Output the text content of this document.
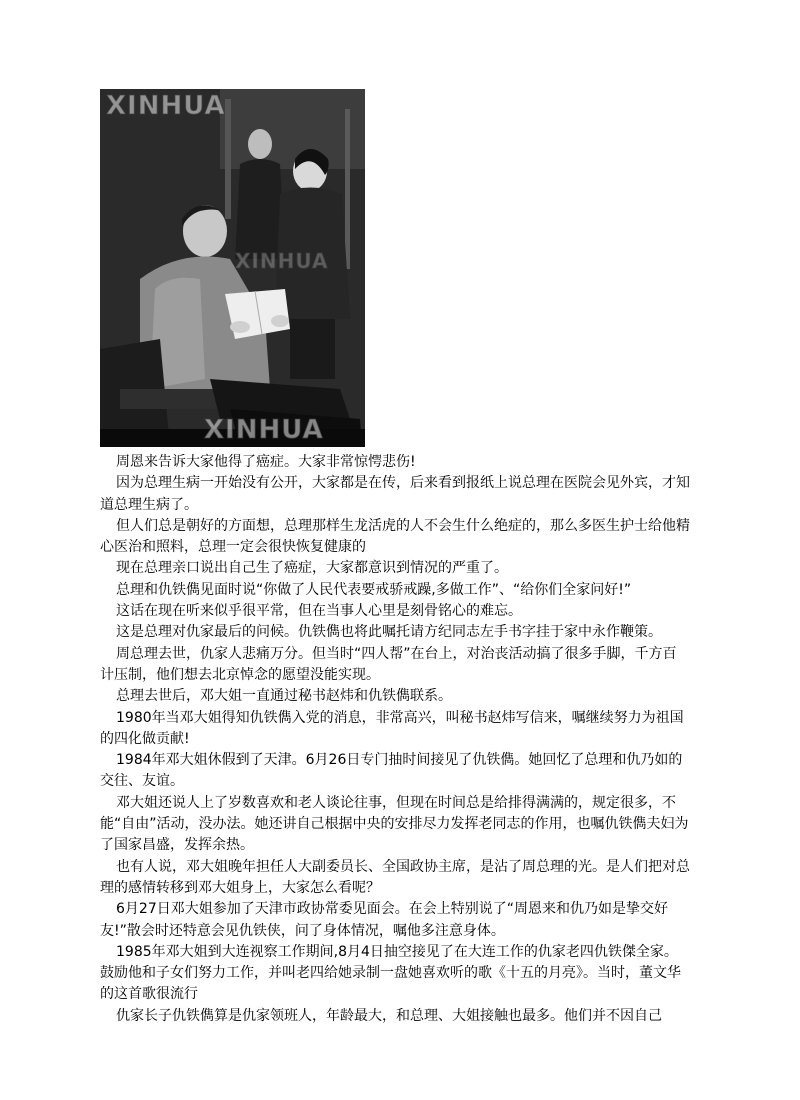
XINHUA
XINHUA
XINHUA

周恩来告诉大家他得了癌症。大家非常惊愕悲伤!

因为总理生病一开始没有公开，大家都是在传，后来看到报纸上说总理在医院会见外宾，才知道总理生病了。

但人们总是朝好的方面想，总理那样生龙活虎的人不会生什么绝症的，那么多医生护士给他精心医治和照料，总理一定会很快恢复健康的

现在总理亲口说出自己生了癌症，大家都意识到情况的严重了。

总理和仇铁儁见面时说“你做了人民代表要戒骄戒躁,多做工作”、“给你们全家问好!”

这话在现在听来似乎很平常，但在当事人心里是刻骨铭心的难忘。

这是总理对仇家最后的问候。仇铁儁也将此嘱托请方纪同志左手书字挂于家中永作鞭策。

周总理去世，仇家人悲痛万分。但当时“四人帮”在台上，对治丧活动搞了很多手脚，千方百计压制，他们想去北京悼念的愿望没能实现。

总理去世后，邓大姐一直通过秘书赵炜和仇铁儁联系。

1980年当邓大姐得知仇铁儁入党的消息，非常高兴，叫秘书赵炜写信来，嘱继续努力为祖国的四化做贡献!

1984年邓大姐休假到了天津。6月26日专门抽时间接见了仇铁儁。她回忆了总理和仇乃如的交往、友谊。

邓大姐还说人上了岁数喜欢和老人谈论往事，但现在时间总是给排得满满的，规定很多，不能“自由”活动，没办法。她还讲自己根据中央的安排尽力发挥老同志的作用，也嘱仇铁儁夫妇为了国家昌盛，发挥余热。

也有人说，邓大姐晚年担任人大副委员长、全国政协主席，是沾了周总理的光。是人们把对总理的感情转移到邓大姐身上，大家怎么看呢？

6月27日邓大姐参加了天津市政协常委见面会。在会上特别说了“周恩来和仇乃如是挚交好友!”散会时还特意会见仇铁侠，问了身体情况，嘱他多注意身体。

1985年邓大姐到大连视察工作期间,8月4日抽空接见了在大连工作的仇家老四仇铁傑全家。鼓励他和子女们努力工作，并叫老四给她录制一盘她喜欢听的歌《十五的月亮》。当时，董文华的这首歌很流行

仇家长子仇铁儁算是仇家领班人，年龄最大，和总理、大姐接触也最多。他们并不因自己
